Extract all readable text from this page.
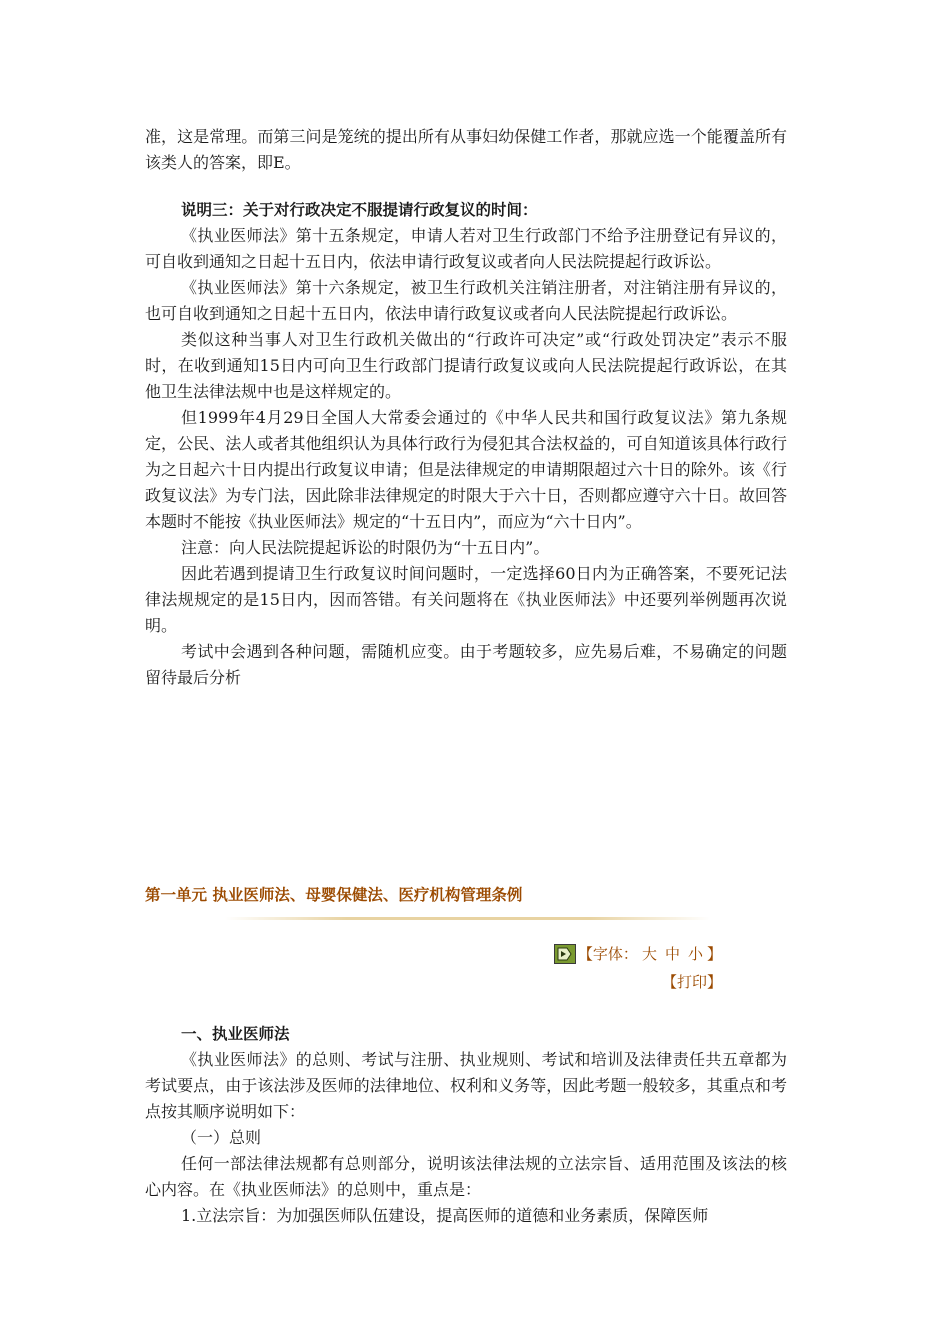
准，这是常理。而第三问是笼统的提出所有从事妇幼保健工作者，那就应选一个能覆盖所有该类人的答案，即E。

说明三：关于对行政决定不服提请行政复议的时间：

《执业医师法》第十五条规定，申请人若对卫生行政部门不给予注册登记有异议的，可自收到通知之日起十五日内，依法申请行政复议或者向人民法院提起行政诉讼。

《执业医师法》第十六条规定，被卫生行政机关注销注册者，对注销注册有异议的，也可自收到通知之日起十五日内，依法申请行政复议或者向人民法院提起行政诉讼。

类似这种当事人对卫生行政机关做出的“行政许可决定”或“行政处罚决定”表示不服时，在收到通知15日内可向卫生行政部门提请行政复议或向人民法院提起行政诉讼，在其他卫生法律法规中也是这样规定的。

但1999年4月29日全国人大常委会通过的《中华人民共和国行政复议法》第九条规定，公民、法人或者其他组织认为具体行政行为侵犯其合法权益的，可自知道该具体行政行为之日起六十日内提出行政复议申请；但是法律规定的申请期限超过六十日的除外。该《行政复议法》为专门法，因此除非法律规定的时限大于六十日，否则都应遵守六十日。故回答本题时不能按《执业医师法》规定的“十五日内”，而应为“六十日内”。

注意：向人民法院提起诉讼的时限仍为“十五日内”。

因此若遇到提请卫生行政复议时间问题时，一定选择60日内为正确答案，不要死记法律法规规定的是15日内，因而答错。有关问题将在《执业医师法》中还要列举例题再次说明。

考试中会遇到各种问题，需随机应变。由于考题较多，应先易后难，不易确定的问题留待最后分析

第一单元 执业医师法、母婴保健法、医疗机构管理条例
【字体： 大 中 小 】
【打印】

一、执业医师法

《执业医师法》的总则、考试与注册、执业规则、考试和培训及法律责任共五章都为考试要点，由于该法涉及医师的法律地位、权利和义务等，因此考题一般较多，其重点和考点按其顺序说明如下：

（一）总则

任何一部法律法规都有总则部分，说明该法律法规的立法宗旨、适用范围及该法的核心内容。在《执业医师法》的总则中，重点是：

1.立法宗旨：为加强医师队伍建设，提高医师的道德和业务素质，保障医师
